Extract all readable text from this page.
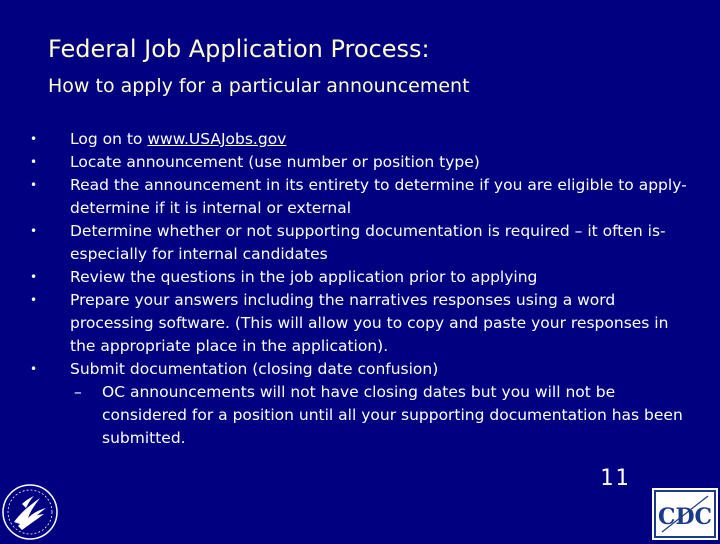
Federal Job Application Process:
How to apply for a particular announcement
• Log on to www.USAJobs.gov
• Locate announcement (use number or position type)
• Read the announcement in its entirety to determine if you are eligible to apply- determine if it is internal or external
• Determine whether or not supporting documentation is required – it often is- especially for internal candidates
• Review the questions in the job application prior to applying
• Prepare your answers including the narratives responses using a word processing software. (This will allow you to copy and paste your responses in the appropriate place in the application).
• Submit documentation (closing date confusion)
– OC announcements will not have closing dates but you will not be considered for a position until all your supporting documentation has been submitted.
11
CDC
